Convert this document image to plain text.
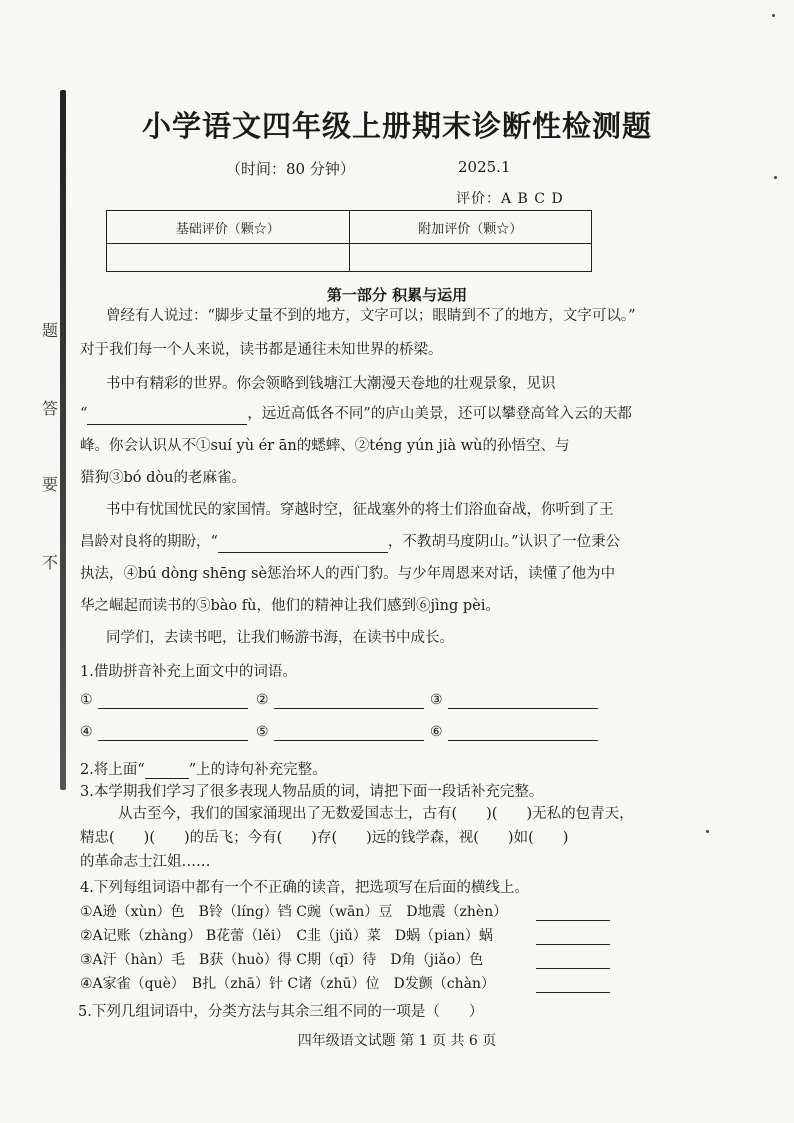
题
答
要
不
小学语文四年级上册期末诊断性检测题
（时间：80 分钟）	2025.1
评价：A B C D
基础评价（颗☆）	附加评价（颗☆）

第一部分 积累与运用
曾经有人说过：“脚步丈量不到的地方，文字可以；眼睛到不了的地方，文字可以。”
对于我们每一个人来说，读书都是通往未知世界的桥梁。
书中有精彩的世界。你会领略到钱塘江大潮漫天卷地的壮观景象，见识
“	，远近高低各不同”的庐山美景，还可以攀登高耸入云的天都
峰。你会认识从不①suí yù ér ān的蟋蟀、②téng yún jià wù的孙悟空、与
猎狗③bó dòu的老麻雀。
书中有忧国忧民的家国情。穿越时空，征战塞外的将士们浴血奋战，你听到了王
昌龄对良将的期盼，“	，不教胡马度阴山。”认识了一位秉公
执法，④bú dòng shēng sè惩治坏人的西门豹。与少年周恩来对话，读懂了他为中
华之崛起而读书的⑤bào fù，他们的精神让我们感到⑥jìng pèi。
同学们，去读书吧，让我们畅游书海，在读书中成长。
1.借助拼音补充上面文中的词语。
①	②	③
④	⑤	⑥
2.将上面“	”上的诗句补充完整。
3.本学期我们学习了很多表现人物品质的词，请把下面一段话补充完整。
从古至今，我们的国家涌现出了无数爱国志士，古有(　　)(　　)无私的包青天，
精忠(　　)(　　)的岳飞；今有(　　)存(　　)远的钱学森，视(　　)如(　　)
的革命志士江姐……
4.下列每组词语中都有一个不正确的读音，把选项写在后面的横线上。
①A逊（xùn）色　B铃（líng）铛 C豌（wān）豆　D地震（zhèn）
②A记账（zhàng） B花蕾（lěi）　C韭（jiǔ）菜　D蜗（pian）蜗
③A汗（hàn）毛　B获（huò）得 C期（qī）待　D角（jiǎo）色
④A家雀（què）　B扎（zhā）针 C诸（zhū）位　D发颤（chàn）
5.下列几组词语中，分类方法与其余三组不同的一项是（　　）
四年级语文试题 第 1 页 共 6 页
